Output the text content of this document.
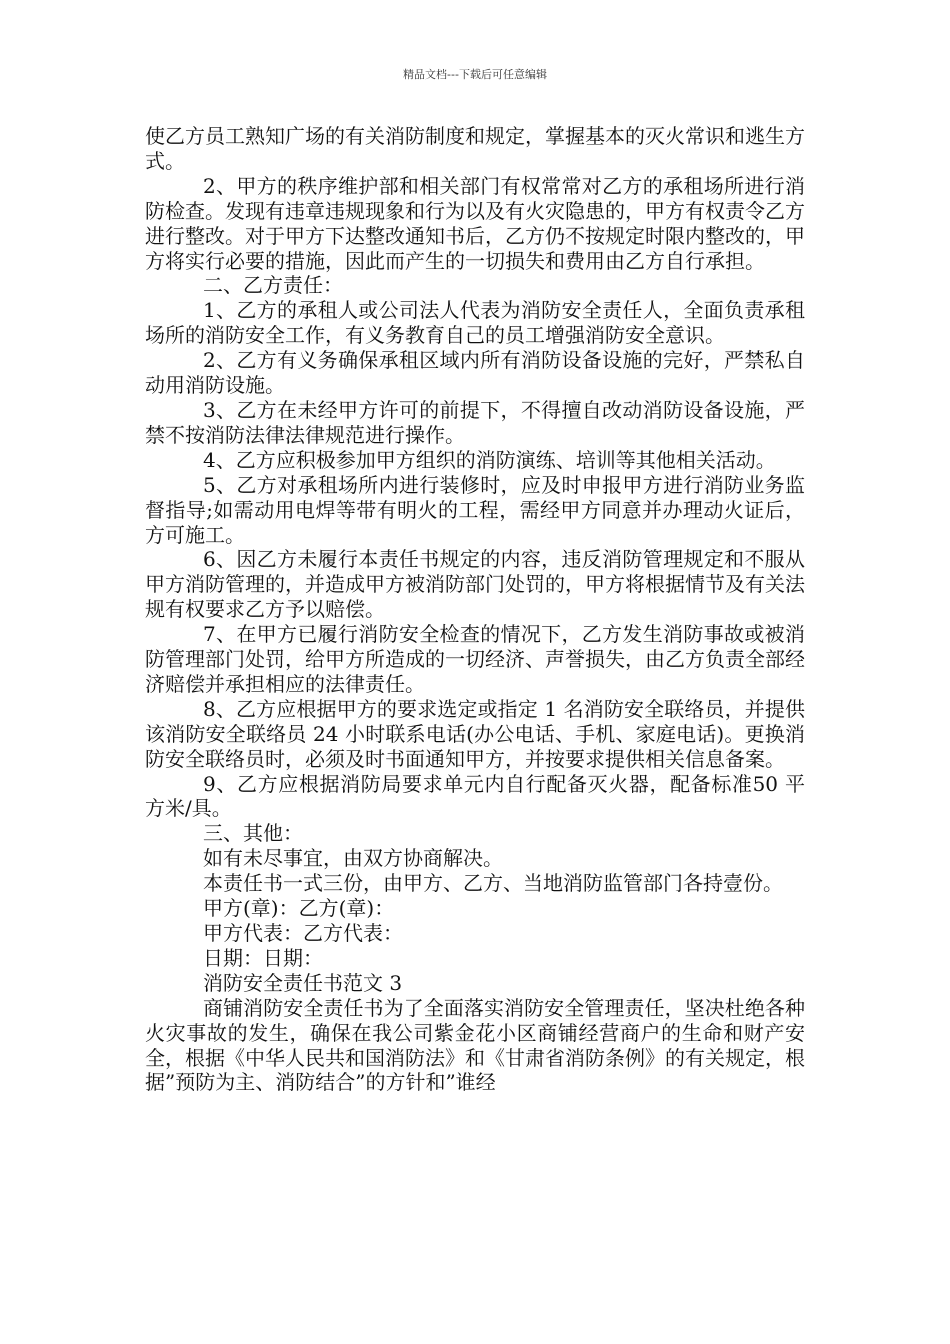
精品文档---下载后可任意编辑

使乙方员工熟知广场的有关消防制度和规定，掌握基本的灭火常识和逃生方式。

2、甲方的秩序维护部和相关部门有权常常对乙方的承租场所进行消防检查。发现有违章违规现象和行为以及有火灾隐患的，甲方有权责令乙方进行整改。对于甲方下达整改通知书后，乙方仍不按规定时限内整改的，甲方将实行必要的措施，因此而产生的一切损失和费用由乙方自行承担。

二、乙方责任：

1、乙方的承租人或公司法人代表为消防安全责任人，全面负责承租场所的消防安全工作，有义务教育自己的员工增强消防安全意识。

2、乙方有义务确保承租区域内所有消防设备设施的完好，严禁私自动用消防设施。

3、乙方在未经甲方许可的前提下，不得擅自改动消防设备设施，严禁不按消防法律法律规范进行操作。

4、乙方应积极参加甲方组织的消防演练、培训等其他相关活动。

5、乙方对承租场所内进行装修时，应及时申报甲方进行消防业务监督指导;如需动用电焊等带有明火的工程，需经甲方同意并办理动火证后，方可施工。

6、因乙方未履行本责任书规定的内容，违反消防管理规定和不服从甲方消防管理的，并造成甲方被消防部门处罚的，甲方将根据情节及有关法规有权要求乙方予以赔偿。

7、在甲方已履行消防安全检查的情况下，乙方发生消防事故或被消防管理部门处罚，给甲方所造成的一切经济、声誉损失，由乙方负责全部经济赔偿并承担相应的法律责任。

8、乙方应根据甲方的要求选定或指定 1 名消防安全联络员，并提供该消防安全联络员 24 小时联系电话(办公电话、手机、家庭电话)。更换消防安全联络员时，必须及时书面通知甲方，并按要求提供相关信息备案。

9、乙方应根据消防局要求单元内自行配备灭火器，配备标准50 平方米/具。

三、其他：

如有未尽事宜，由双方协商解决。

本责任书一式三份，由甲方、乙方、当地消防监管部门各持壹份。

甲方(章)：乙方(章)：

甲方代表：乙方代表：

日期：日期：

消防安全责任书范文 3

商铺消防安全责任书为了全面落实消防安全管理责任，坚决杜绝各种火灾事故的发生，确保在我公司紫金花小区商铺经营商户的生命和财产安全，根据《中华人民共和国消防法》和《甘肃省消防条例》的有关规定，根据”预防为主、消防结合”的方针和”谁经
